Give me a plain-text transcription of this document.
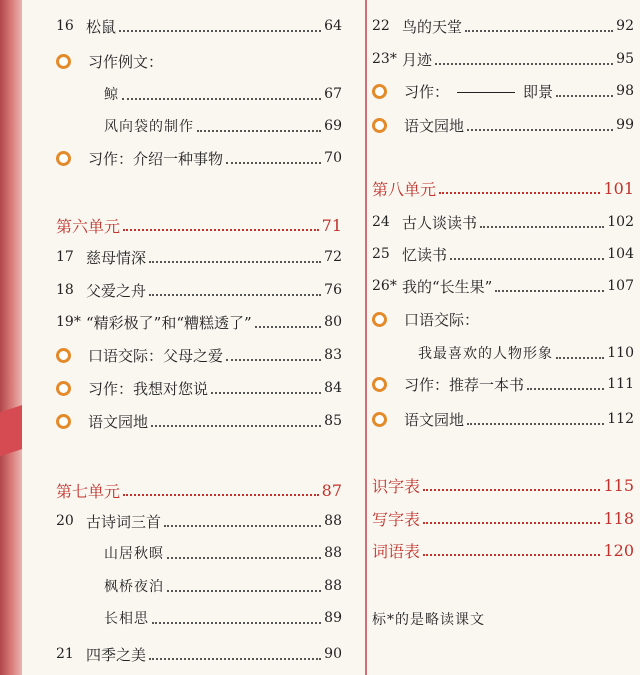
16 松鼠	64
习作例文：
鲸	67
风向袋的制作	69
习作：介绍一种事物	70
第六单元	71
17 慈母情深	72
18 父爱之舟	76
19* “精彩极了”和“糟糕透了”	80
口语交际：父母之爱	83
习作：我想对您说	84
语文园地	85
第七单元	87
20 古诗词三首	88
山居秋暝	88
枫桥夜泊	88
长相思	89
21 四季之美	90
22 鸟的天堂	92
23* 月迹	95
习作：	即景	98
语文园地	99
第八单元	101
24 古人谈读书	102
25 忆读书	104
26* 我的“长生果”	107
口语交际：
我最喜欢的人物形象	110
习作：推荐一本书	111
语文园地	112
识字表	115
写字表	118
词语表	120
标*的是略读课文
